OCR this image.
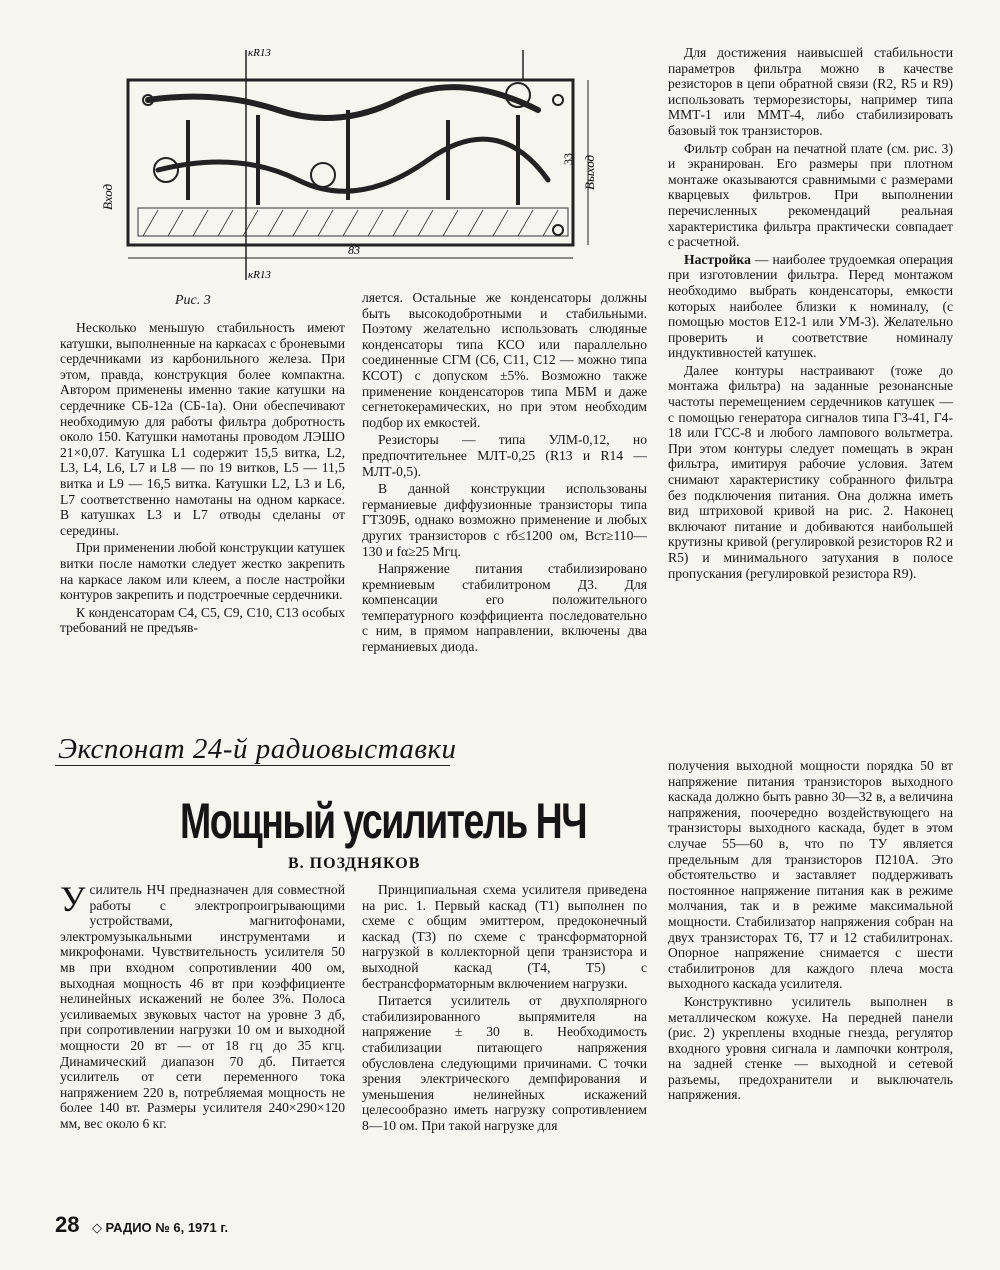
Вход
Выход
33
83
кR13
кR13
Рис. 3

Несколько меньшую стабильность имеют катушки, выполненные на каркасах с броневыми сердечниками из карбонильного железа. При этом, правда, конструкция более компактна. Автором применены именно такие катушки на сердечнике СБ-12а (СБ-1а). Они обеспечивают необходимую для работы фильтра добротность около 150. Катушки намотаны проводом ЛЭШО 21×0,07. Катушка L1 содержит 15,5 витка, L2, L3, L4, L6, L7 и L8 — по 19 витков, L5 — 11,5 витка и L9 — 16,5 витка. Катушки L2, L3 и L6, L7 соответственно намотаны на одном каркасе. В катушках L3 и L7 отводы сделаны от середины.

При применении любой конструкции катушек витки после намотки следует жестко закрепить на каркасе лаком или клеем, а после настройки контуров закрепить и подстроечные сердечники.

К конденсаторам C4, C5, C9, C10, C13 особых требований не предъяв-

ляется. Остальные же конденсаторы должны быть высокодобротными и стабильными. Поэтому желательно использовать слюдяные конденсаторы типа КСО или параллельно соединенные СГМ (C6, C11, C12 — можно типа КСОТ) с допуском ±5%. Возможно также применение конденсаторов типа МБМ и даже сегнетокерамических, но при этом необходим подбор их емкостей.

Резисторы — типа УЛМ-0,12, но предпочтительнее МЛТ-0,25 (R13 и R14 — МЛТ-0,5).

В данной конструкции использованы германиевые диффузионные транзисторы типа ГТ309Б, однако возможно применение и любых других транзисторов с rб≤1200 ом, Bст≥110—130 и fα≥25 Мгц.

Напряжение питания стабилизировано кремниевым стабилитроном Д3. Для компенсации его положительного температурного коэффициента последовательно с ним, в прямом направлении, включены два германиевых диода.

Для достижения наивысшей стабильности параметров фильтра можно в качестве резисторов в цепи обратной связи (R2, R5 и R9) использовать терморезисторы, например типа ММТ-1 или ММТ-4, либо стабилизировать базовый ток транзисторов.

Фильтр собран на печатной плате (см. рис. 3) и экранирован. Его размеры при плотном монтаже оказываются сравнимыми с размерами кварцевых фильтров. При выполнении перечисленных рекомендаций реальная характеристика фильтра практически совпадает с расчетной.

Настройка — наиболее трудоемкая операция при изготовлении фильтра. Перед монтажом необходимо выбрать конденсаторы, емкости которых наиболее близки к номиналу, (с помощью мостов Е12-1 или УМ-3). Желательно проверить и соответствие номиналу индуктивностей катушек.

Далее контуры настраивают (тоже до монтажа фильтра) на заданные резонансные частоты перемещением сердечников катушек — с помощью генератора сигналов типа Г3-41, Г4-18 или ГСС-8 и любого лампового вольтметра. При этом контуры следует помещать в экран фильтра, имитируя рабочие условия. Затем снимают характеристику собранного фильтра без подключения питания. Она должна иметь вид штриховой кривой на рис. 2. Наконец включают питание и добиваются наибольшей крутизны кривой (регулировкой резисторов R2 и R5) и минимального затухания в полосе пропускания (регулировкой резистора R9).

Экспонат 24-й радиовыставки
Мощный усилитель НЧ
В. ПОЗДНЯКОВ

Усилитель НЧ предназначен для совместной работы с электропроигрывающими устройствами, магнитофонами, электромузыкальными инструментами и микрофонами. Чувствительность усилителя 50 мв при входном сопротивлении 400 ом, выходная мощность 46 вт при коэффициенте нелинейных искажений не более 3%. Полоса усиливаемых звуковых частот на уровне 3 дб, при сопротивлении нагрузки 10 ом и выходной мощности 20 вт — от 18 гц до 35 кгц. Динамический диапазон 70 дб. Питается усилитель от сети переменного тока напряжением 220 в, потребляемая мощность не более 140 вт. Размеры усилителя 240×290×120 мм, вес около 6 кг.

Принципиальная схема усилителя приведена на рис. 1. Первый каскад (T1) выполнен по схеме с общим эмиттером, предоконечный каскад (T3) по схеме с трансформаторной нагрузкой в коллекторной цепи транзистора и выходной каскад (T4, T5) с бестрансформаторным включением нагрузки.

Питается усилитель от двухполярного стабилизированного выпрямителя на напряжение ± 30 в. Необходимость стабилизации питающего напряжения обусловлена следующими причинами. С точки зрения электрического демпфирования и уменьшения нелинейных искажений целесообразно иметь нагрузку сопротивлением 8—10 ом. При такой нагрузке для

получения выходной мощности порядка 50 вт напряжение питания транзисторов выходного каскада должно быть равно 30—32 в, а величина напряжения, поочередно воздействующего на транзисторы выходного каскада, будет в этом случае 55—60 в, что по ТУ является предельным для транзисторов П210А. Это обстоятельство и заставляет поддерживать постоянное напряжение питания как в режиме молчания, так и в режиме максимальной мощности. Стабилизатор напряжения собран на двух транзисторах T6, T7 и 12 стабилитронах. Опорное напряжение снимается с шести стабилитронов для каждого плеча моста выходного каскада усилителя.

Конструктивно усилитель выполнен в металлическом кожухе. На передней панели (рис. 2) укреплены входные гнезда, регулятор входного уровня сигнала и лампочки контроля, на задней стенке — выходной и сетевой разъемы, предохранители и выключатель напряжения.

28 ◇ РАДИО № 6, 1971 г.
